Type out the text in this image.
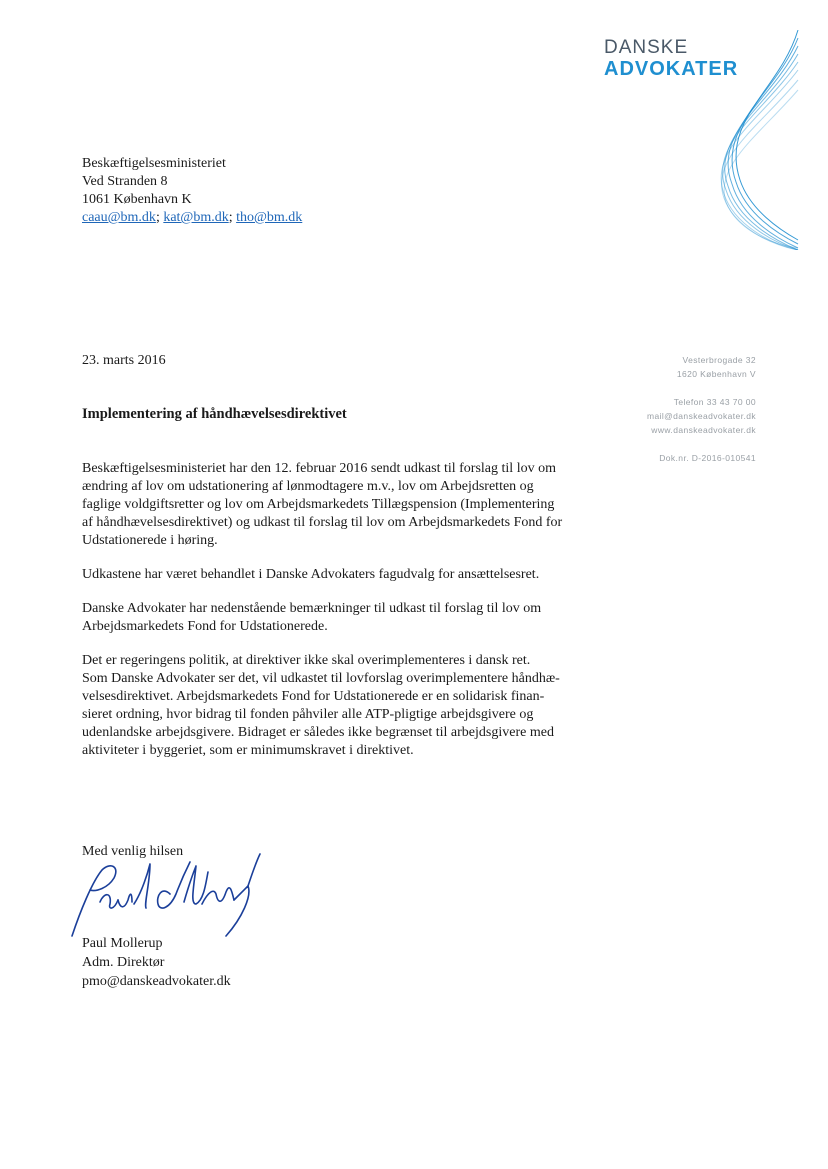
DANSKE
ADVOKATER
Beskæftigelsesministeriet
Ved Stranden 8
1061 København K
caau@bm.dk; kat@bm.dk; tho@bm.dk
23. marts 2016	Vesterbrogade 32
1620 København V
Telefon 33 43 70 00
mail@danskeadvokater.dk
www.danskeadvokater.dk
Dok.nr. D-2016-010541
Implementering af håndhævelsesdirektivet

Beskæftigelsesministeriet har den 12. februar 2016 sendt udkast til forslag til lov om
ændring af lov om udstationering af lønmodtagere m.v., lov om Arbejdsretten og
faglige voldgiftsretter og lov om Arbejdsmarkedets Tillægspension (Implementering
af håndhævelsesdirektivet) og udkast til forslag til lov om Arbejdsmarkedets Fond for
Udstationerede i høring.

Udkastene har været behandlet i Danske Advokaters fagudvalg for ansættelsesret.

Danske Advokater har nedenstående bemærkninger til udkast til forslag til lov om
Arbejdsmarkedets Fond for Udstationerede.

Det er regeringens politik, at direktiver ikke skal overimplementeres i dansk ret.
Som Danske Advokater ser det, vil udkastet til lovforslag overimplementere håndhæ-
velsesdirektivet. Arbejdsmarkedets Fond for Udstationerede er en solidarisk finan-
sieret ordning, hvor bidrag til fonden påhviler alle ATP-pligtige arbejdsgivere og
udenlandske arbejdsgivere. Bidraget er således ikke begrænset til arbejdsgivere med
aktiviteter i byggeriet, som er minimumskravet i direktivet.

Med venlig hilsen
Paul Mollerup
Adm. Direktør
pmo@danskeadvokater.dk
